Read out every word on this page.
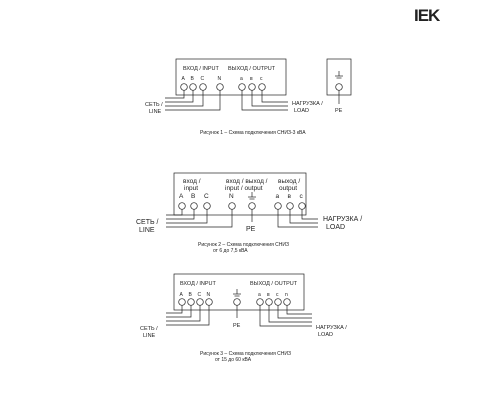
IEK
ВХОД / INPUT ВЫХОД / OUTPUT
A B C	N	a в c
СЕТЬ /
LINE
НАГРУЗКА /
LOAD	PE
Рисунок 1 – Схема подключения СНИЗ-3 кВА
вход /
input
вход / выход /
input / output
выход /
output
A B C	N	а в с
СЕТЬ /
LINE
НАГРУЗКА /
LOAD
PE
Рисунок 2 – Схема подключения СНИЗ
от 6 до 7,5 кВА
ВХОД / INPUT	ВЫХОД / OUTPUT
A B C N	а в с n
СЕТЬ /
LINE
НАГРУЗКА /
LOAD
PE
Рисунок 3 – Схема подключения СНИЗ
от 15 до 60 кВА
